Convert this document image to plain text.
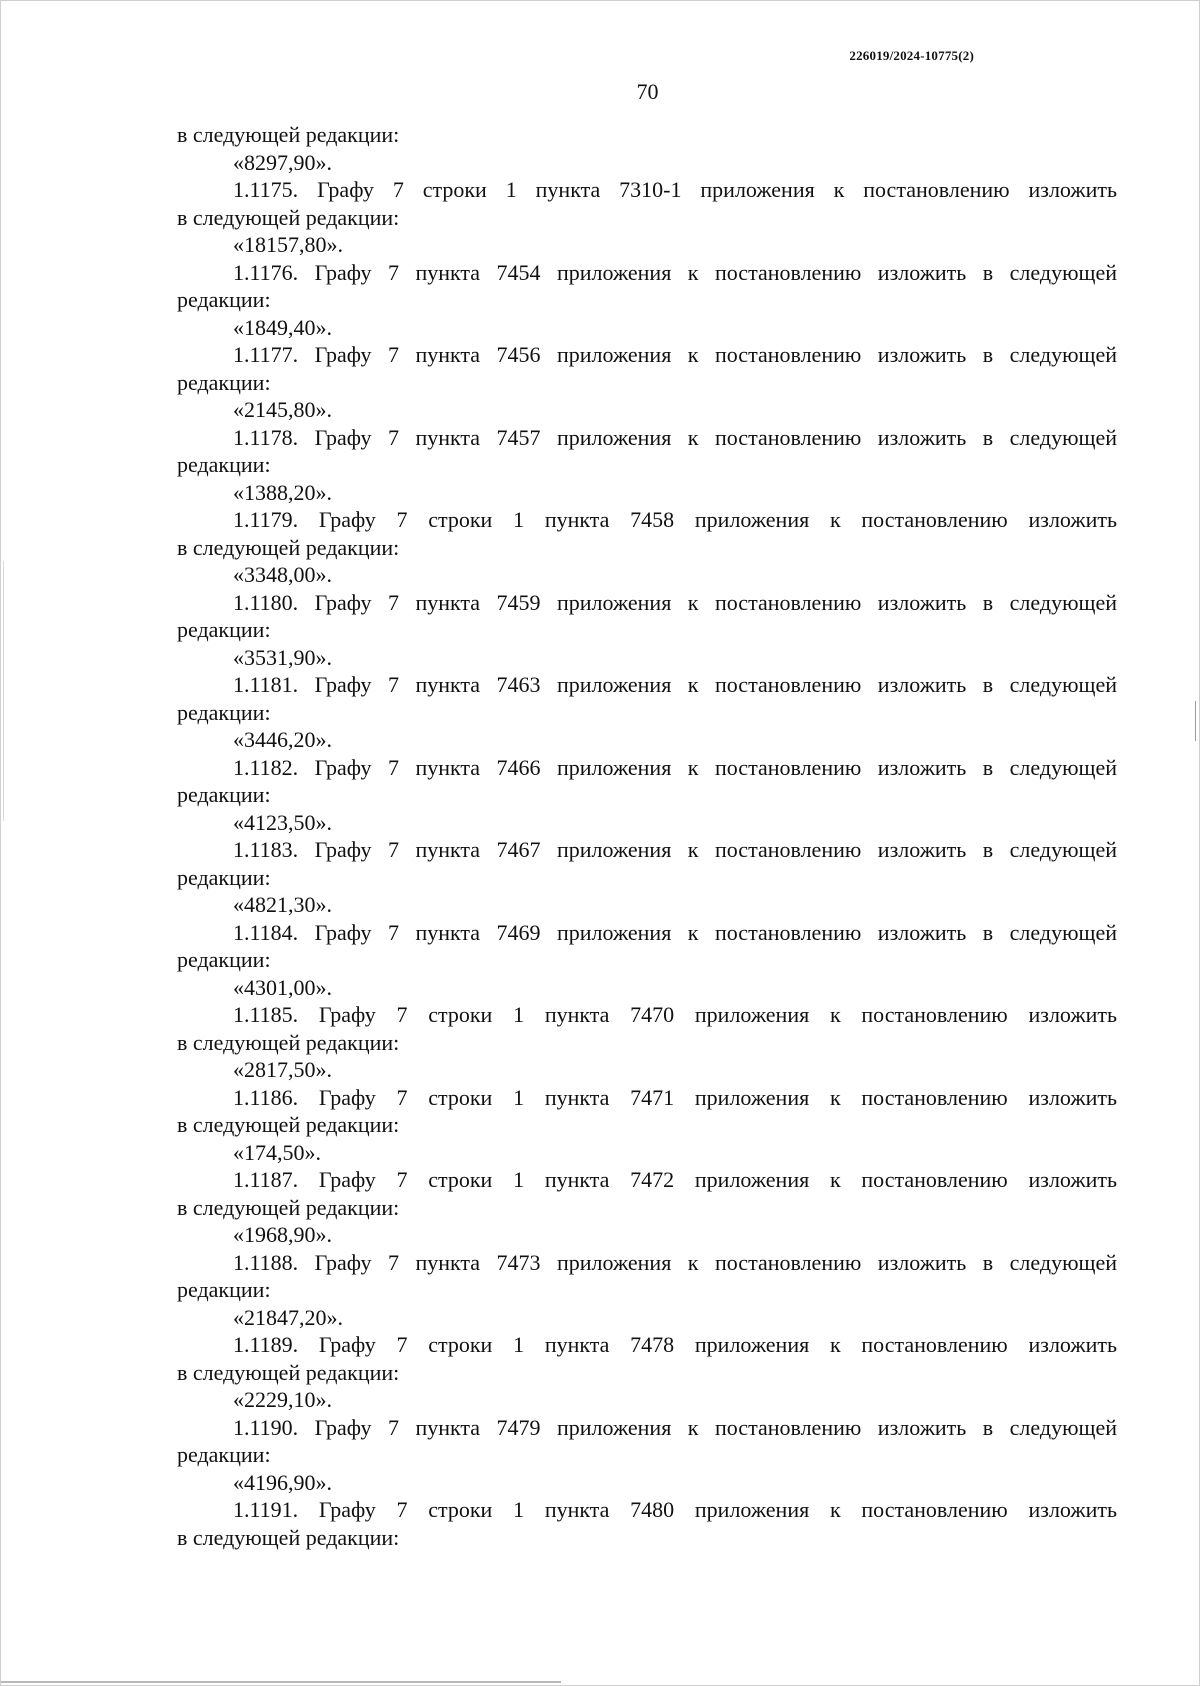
226019/2024-10775(2)
70
в следующей редакции:
«8297,90».
1.1175. Графу 7 строки 1 пункта 7310-1 приложения к постановлению изложить
в следующей редакции:
«18157,80».
1.1176. Графу 7 пункта 7454 приложения к постановлению изложить в следующей
редакции:
«1849,40».
1.1177. Графу 7 пункта 7456 приложения к постановлению изложить в следующей
редакции:
«2145,80».
1.1178. Графу 7 пункта 7457 приложения к постановлению изложить в следующей
редакции:
«1388,20».
1.1179. Графу 7 строки 1 пункта 7458 приложения к постановлению изложить
в следующей редакции:
«3348,00».
1.1180. Графу 7 пункта 7459 приложения к постановлению изложить в следующей
редакции:
«3531,90».
1.1181. Графу 7 пункта 7463 приложения к постановлению изложить в следующей
редакции:
«3446,20».
1.1182. Графу 7 пункта 7466 приложения к постановлению изложить в следующей
редакции:
«4123,50».
1.1183. Графу 7 пункта 7467 приложения к постановлению изложить в следующей
редакции:
«4821,30».
1.1184. Графу 7 пункта 7469 приложения к постановлению изложить в следующей
редакции:
«4301,00».
1.1185. Графу 7 строки 1 пункта 7470 приложения к постановлению изложить
в следующей редакции:
«2817,50».
1.1186. Графу 7 строки 1 пункта 7471 приложения к постановлению изложить
в следующей редакции:
«174,50».
1.1187. Графу 7 строки 1 пункта 7472 приложения к постановлению изложить
в следующей редакции:
«1968,90».
1.1188. Графу 7 пункта 7473 приложения к постановлению изложить в следующей
редакции:
«21847,20».
1.1189. Графу 7 строки 1 пункта 7478 приложения к постановлению изложить
в следующей редакции:
«2229,10».
1.1190. Графу 7 пункта 7479 приложения к постановлению изложить в следующей
редакции:
«4196,90».
1.1191. Графу 7 строки 1 пункта 7480 приложения к постановлению изложить
в следующей редакции:
